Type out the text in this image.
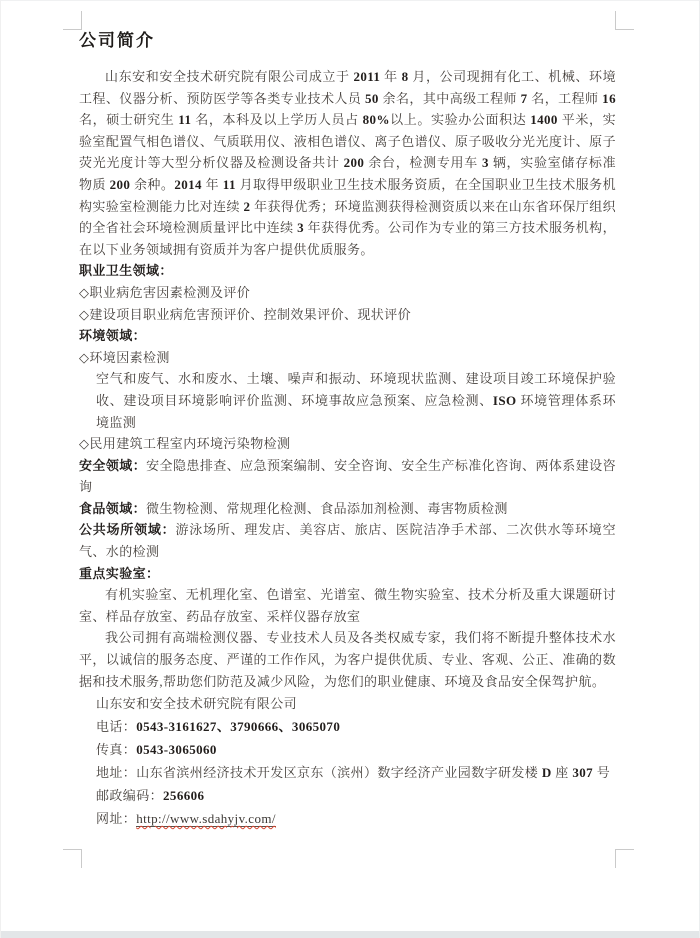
公司简介
山东安和安全技术研究院有限公司成立于 2011 年 8 月，公司现拥有化工、机械、环境工程、仪器分析、预防医学等各类专业技术人员 50 余名，其中高级工程师 7 名，工程师 16 名，硕士研究生 11 名，本科及以上学历人员占 80%以上。实验办公面积达 1400 平米，实验室配置气相色谱仪、气质联用仪、液相色谱仪、离子色谱仪、原子吸收分光光度计、原子荧光光度计等大型分析仪器及检测设备共计 200 余台，检测专用车 3 辆，实验室储存标准物质 200 余种。2014 年 11 月取得甲级职业卫生技术服务资质，在全国职业卫生技术服务机构实验室检测能力比对连续 2 年获得优秀；环境监测获得检测资质以来在山东省环保厅组织的全省社会环境检测质量评比中连续 3 年获得优秀。公司作为专业的第三方技术服务机构，在以下业务领域拥有资质并为客户提供优质服务。
职业卫生领域：
◇职业病危害因素检测及评价
◇建设项目职业病危害预评价、控制效果评价、现状评价
环境领域：
◇环境因素检测
空气和废气、水和废水、土壤、噪声和振动、环境现状监测、建设项目竣工环境保护验收、建设项目环境影响评价监测、环境事故应急预案、应急检测、ISO 环境管理体系环境监测
◇民用建筑工程室内环境污染物检测
安全领域：安全隐患排查、应急预案编制、安全咨询、安全生产标准化咨询、两体系建设咨询
食品领域：微生物检测、常规理化检测、食品添加剂检测、毒害物质检测
公共场所领域：游泳场所、理发店、美容店、旅店、医院洁净手术部、二次供水等环境空气、水的检测
重点实验室：
有机实验室、无机理化室、色谱室、光谱室、微生物实验室、技术分析及重大课题研讨室、样品存放室、药品存放室、采样仪器存放室
我公司拥有高端检测仪器、专业技术人员及各类权威专家，我们将不断提升整体技术水平，以诚信的服务态度、严谨的工作作风，为客户提供优质、专业、客观、公正、准确的数据和技术服务,帮助您们防范及减少风险，为您们的职业健康、环境及食品安全保驾护航。
山东安和安全技术研究院有限公司
电话：0543-3161627、3790666、3065070
传真：0543-3065060
地址：山东省滨州经济技术开发区京东（滨州）数字经济产业园数字研发楼 D 座 307 号
邮政编码：256606
网址：http://www.sdahyjv.com/
